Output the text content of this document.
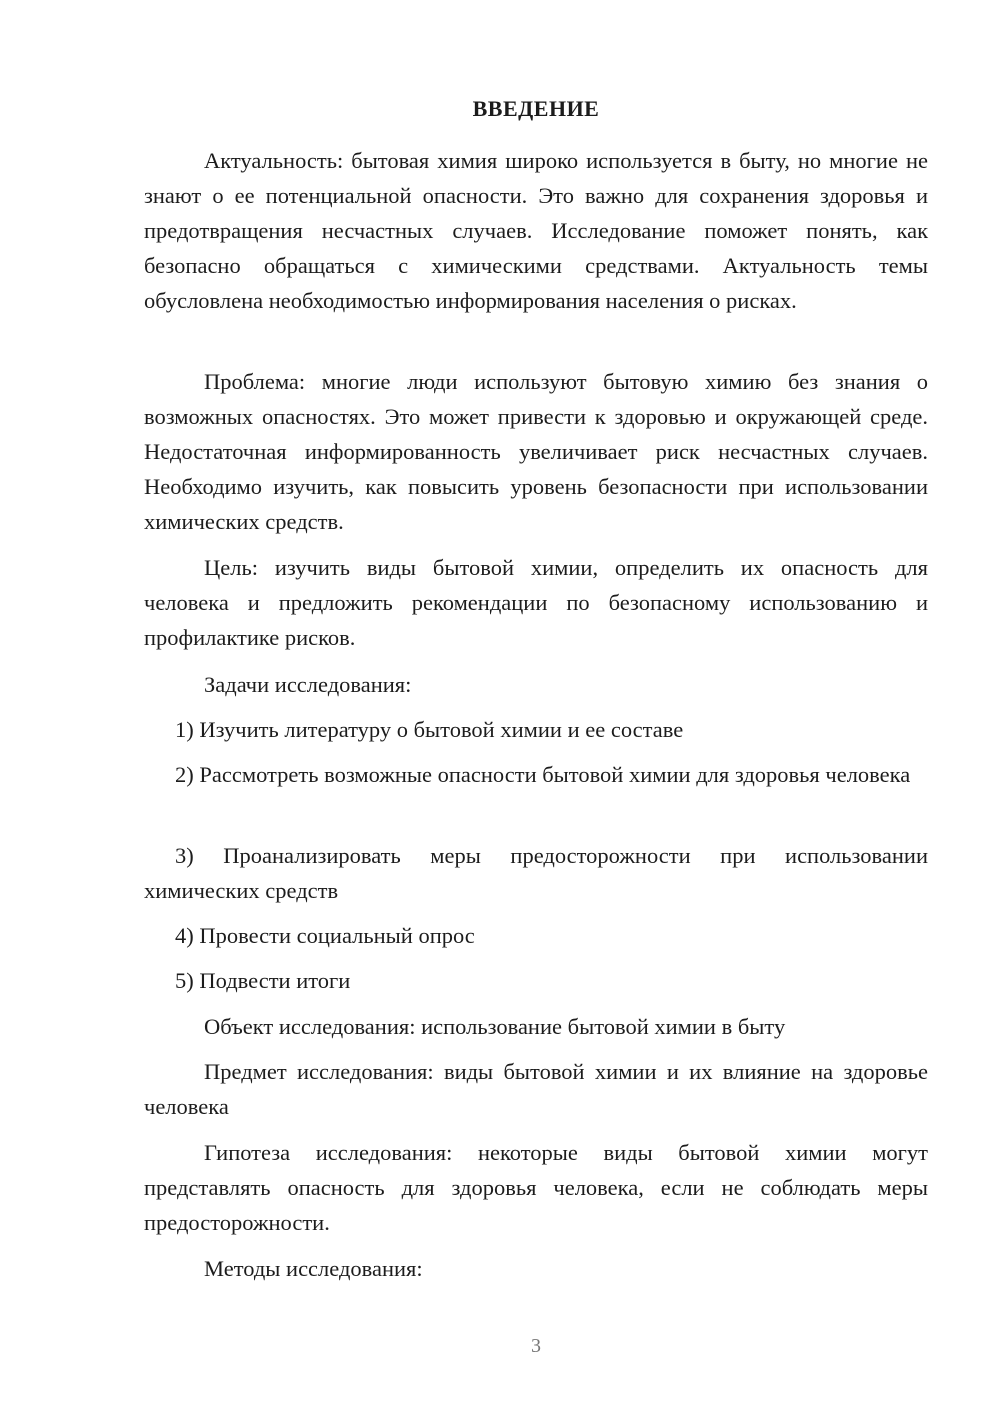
ВВЕДЕНИЕ

Актуальность: бытовая химия широко используется в быту, но многие не знают о ее потенциальной опасности. Это важно для сохранения здоровья и предотвращения несчастных случаев. Исследование поможет понять, как безопасно обращаться с химическими средствами. Актуальность темы обусловлена необходимостью информирования населения о рисках.

Проблема: многие люди используют бытовую химию без знания о возможных опасностях. Это может привести к здоровью и окружающей среде. Недостаточная информированность увеличивает риск несчастных случаев. Необходимо изучить, как повысить уровень безопасности при использовании химических средств.

Цель: изучить виды бытовой химии, определить их опасность для человека и предложить рекомендации по безопасному использованию и профилактике рисков.

Задачи исследования:

1) Изучить литературу о бытовой химии и ее составе

2) Рассмотреть возможные опасности бытовой химии для здоровья человека

3) Проанализировать меры предосторожности при использовании химических средств

4) Провести социальный опрос

5) Подвести итоги

Объект исследования: использование бытовой химии в быту

Предмет исследования: виды бытовой химии и их влияние на здоровье человека

Гипотеза исследования: некоторые виды бытовой химии могут представлять опасность для здоровья человека, если не соблюдать меры предосторожности.

Методы исследования:

3
